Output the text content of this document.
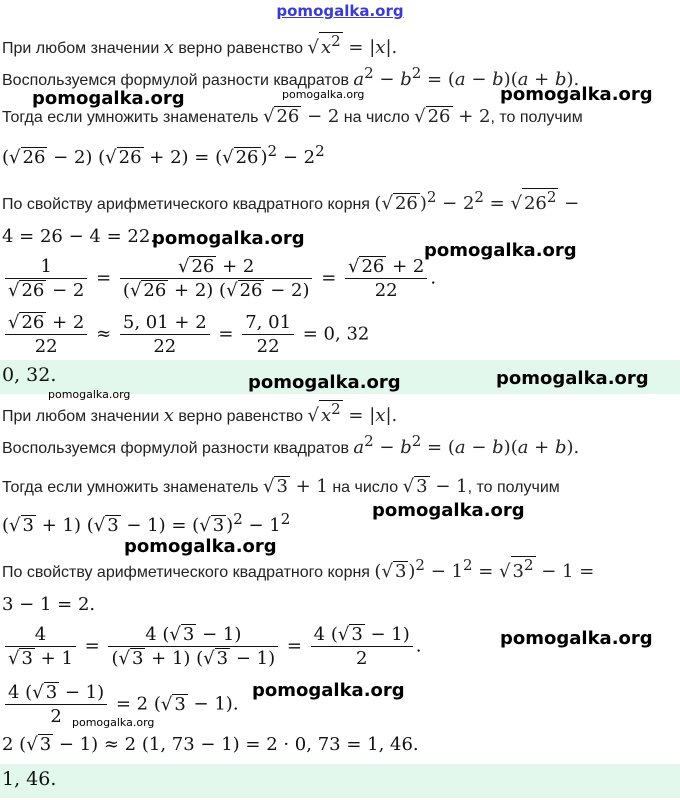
pomogalka.org

При любом значении x верно равенство √ $x^2 = |x|$.

Воспользуемся формулой разности квадратов $a^2 - b^2 = (a - b)(a + b)$.

Тогда если умножить знаменатель √ 26 − 2 на число √ 26 + 2, то получим

(√ 26 − 2) (√ 26 + 2) = (√ 26 )$^2 - 2^2$

По свойству арифметического квадратного корня (√ 26 )$^2 - 2^2$ = √ $26^2$ −

4 = 26 − 4 = 22.

$\frac{1}{√ 26 - 2} = \frac{√ 26 + 2}{(√ 26 + 2) (√ 26 - 2)} = \frac{√ 26 + 2}{22}$ .
$\frac{√ 26 + 2}{22} \approx \frac{5, 01 + 2}{22} = \frac{7, 01}{22} = 0$, 32

0, 32.

При любом значении x верно равенство √ $x^2 = |x|$.

Воспользуемся формулой разности квадратов $a^2 - b^2 = (a - b)(a + b)$.

Тогда если умножить знаменатель √ 3 + 1 на число √ 3 − 1, то получим

(√ 3 + 1) (√ 3 − 1) = (√ 3 )$^2 - 1^2$

По свойству арифметического квадратного корня (√ 3 )$^2 - 1^2$ = √ $3^2 - 1$ =

3 − 1 = 2.

$\frac{4}{√ 3 + 1} = \frac{4 (√ 3 - 1)}{(√ 3 + 1) (√ 3 - 1)} = \frac{4 (√ 3 - 1)}{2}$ .
$\frac{4 (√ 3 - 1)}{2} = 2$ (√ 3 − 1).

2 (√ 3 − 1) ≈ 2 (1, 73 − 1) = 2 · 0, 73 = 1, 46.

1, 46.

pomogalka.org	pomogalka.org	pomogalka.org

pomogalka.org

pomogalka.org

pomogalka.org	pomogalka.org

pomogalka.org

pomogalka.org

pomogalka.org

pomogalka.org

pomogalka.org

pomogalka.org
